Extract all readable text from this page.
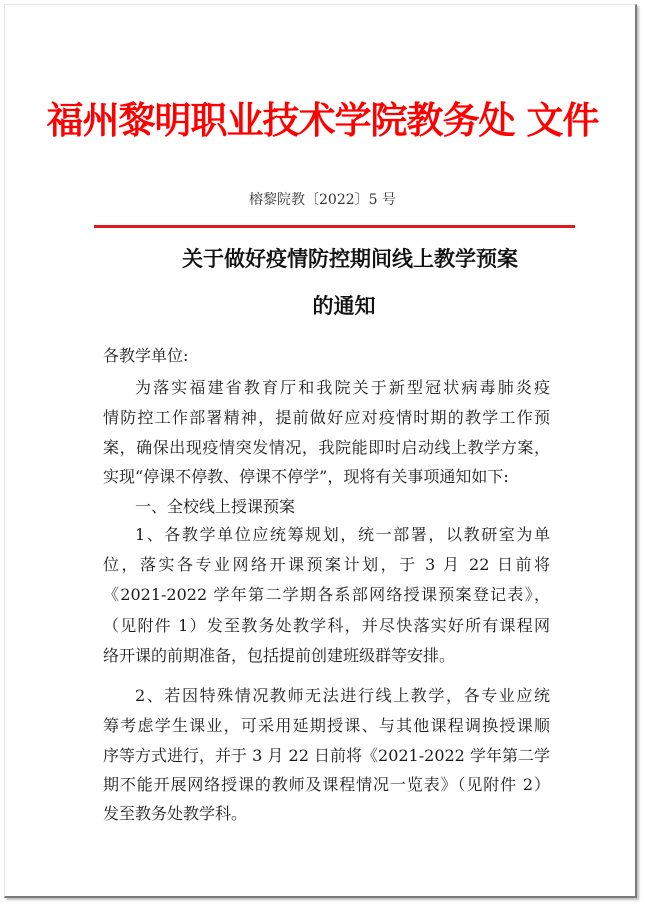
福州黎明职业技术学院教务处 文件
榕黎院教〔2022〕5 号
关于做好疫情防控期间线上教学预案
的通知
各教学单位:
为落实福建省教育厅和我院关于新型冠状病毒肺炎疫
情防控工作部署精神，提前做好应对疫情时期的教学工作预
案，确保出现疫情突发情况，我院能即时启动线上教学方案，
实现“停课不停教、停课不停学”，现将有关事项通知如下:
一、全校线上授课预案
1、各教学单位应统筹规划，统一部署，以教研室为单
位，落实各专业网络开课预案计划，于 3 月 22 日前将
《2021-2022 学年第二学期各系部网络授课预案登记表》，
（见附件 1）发至教务处教学科，并尽快落实好所有课程网
络开课的前期准备，包括提前创建班级群等安排。
2、若因特殊情况教师无法进行线上教学，各专业应统
筹考虑学生课业，可采用延期授课、与其他课程调换授课顺
序等方式进行，并于 3 月 22 日前将《2021-2022 学年第二学
期不能开展网络授课的教师及课程情况一览表》（见附件 2）
发至教务处教学科。
